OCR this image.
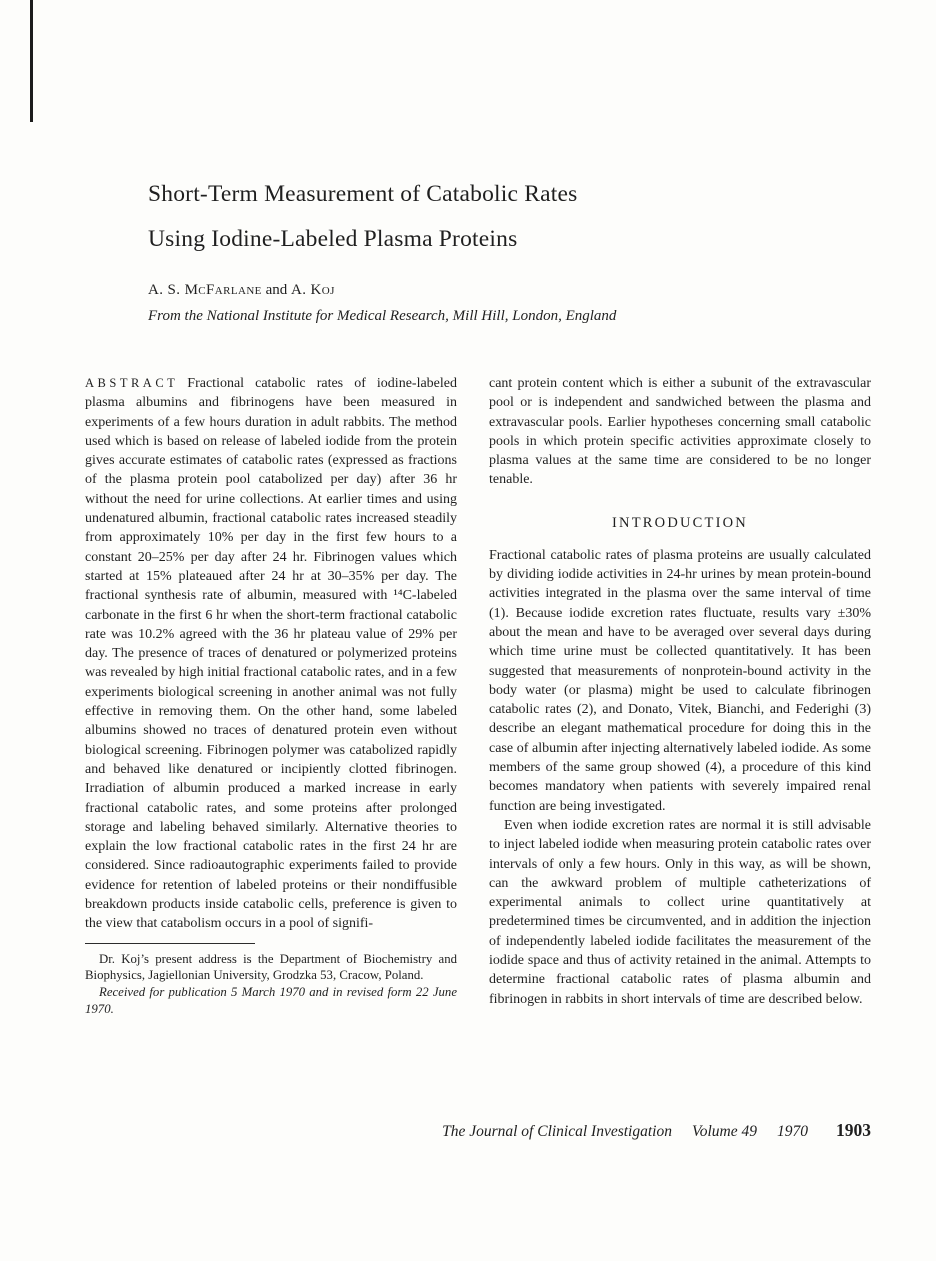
Short-Term Measurement of Catabolic Rates
Using Iodine-Labeled Plasma Proteins

A. S. McFarlane and A. Koj

From the National Institute for Medical Research, Mill Hill, London, England

ABSTRACT Fractional catabolic rates of iodine-labeled plasma albumins and fibrinogens have been measured in experiments of a few hours duration in adult rabbits. The method used which is based on release of labeled iodide from the protein gives accurate estimates of catabolic rates (expressed as fractions of the plasma protein pool catabolized per day) after 36 hr without the need for urine collections. At earlier times and using undenatured albumin, fractional catabolic rates increased steadily from approximately 10% per day in the first few hours to a constant 20–25% per day after 24 hr. Fibrinogen values which started at 15% plateaued after 24 hr at 30–35% per day. The fractional synthesis rate of albumin, measured with ¹⁴C-labeled carbonate in the first 6 hr when the short-term fractional catabolic rate was 10.2% agreed with the 36 hr plateau value of 29% per day. The presence of traces of denatured or polymerized proteins was revealed by high initial fractional catabolic rates, and in a few experiments biological screening in another animal was not fully effective in removing them. On the other hand, some labeled albumins showed no traces of denatured protein even without biological screening. Fibrinogen polymer was catabolized rapidly and behaved like denatured or incipiently clotted fibrinogen. Irradiation of albumin produced a marked increase in early fractional catabolic rates, and some proteins after prolonged storage and labeling behaved similarly. Alternative theories to explain the low fractional catabolic rates in the first 24 hr are considered. Since radioautographic experiments failed to provide evidence for retention of labeled proteins or their nondiffusible breakdown products inside catabolic cells, preference is given to the view that catabolism occurs in a pool of signifi-

Dr. Koj’s present address is the Department of Biochemistry and Biophysics, Jagiellonian University, Grodzka 53, Cracow, Poland.

Received for publication 5 March 1970 and in revised form 22 June 1970.

cant protein content which is either a subunit of the extravascular pool or is independent and sandwiched between the plasma and extravascular pools. Earlier hypotheses concerning small catabolic pools in which protein specific activities approximate closely to plasma values at the same time are considered to be no longer tenable.

INTRODUCTION

Fractional catabolic rates of plasma proteins are usually calculated by dividing iodide activities in 24-hr urines by mean protein-bound activities integrated in the plasma over the same interval of time (1). Because iodide excretion rates fluctuate, results vary ±30% about the mean and have to be averaged over several days during which time urine must be collected quantitatively. It has been suggested that measurements of nonprotein-bound activity in the body water (or plasma) might be used to calculate fibrinogen catabolic rates (2), and Donato, Vitek, Bianchi, and Federighi (3) describe an elegant mathematical procedure for doing this in the case of albumin after injecting alternatively labeled iodide. As some members of the same group showed (4), a procedure of this kind becomes mandatory when patients with severely impaired renal function are being investigated.

Even when iodide excretion rates are normal it is still advisable to inject labeled iodide when measuring protein catabolic rates over intervals of only a few hours. Only in this way, as will be shown, can the awkward problem of multiple catheterizations of experimental animals to collect urine quantitatively at predetermined times be circumvented, and in addition the injection of independently labeled iodide facilitates the measurement of the iodide space and thus of activity retained in the animal. Attempts to determine fractional catabolic rates of plasma albumin and fibrinogen in rabbits in short intervals of time are described below.

The Journal of Clinical Investigation Volume 49 1970 1903
